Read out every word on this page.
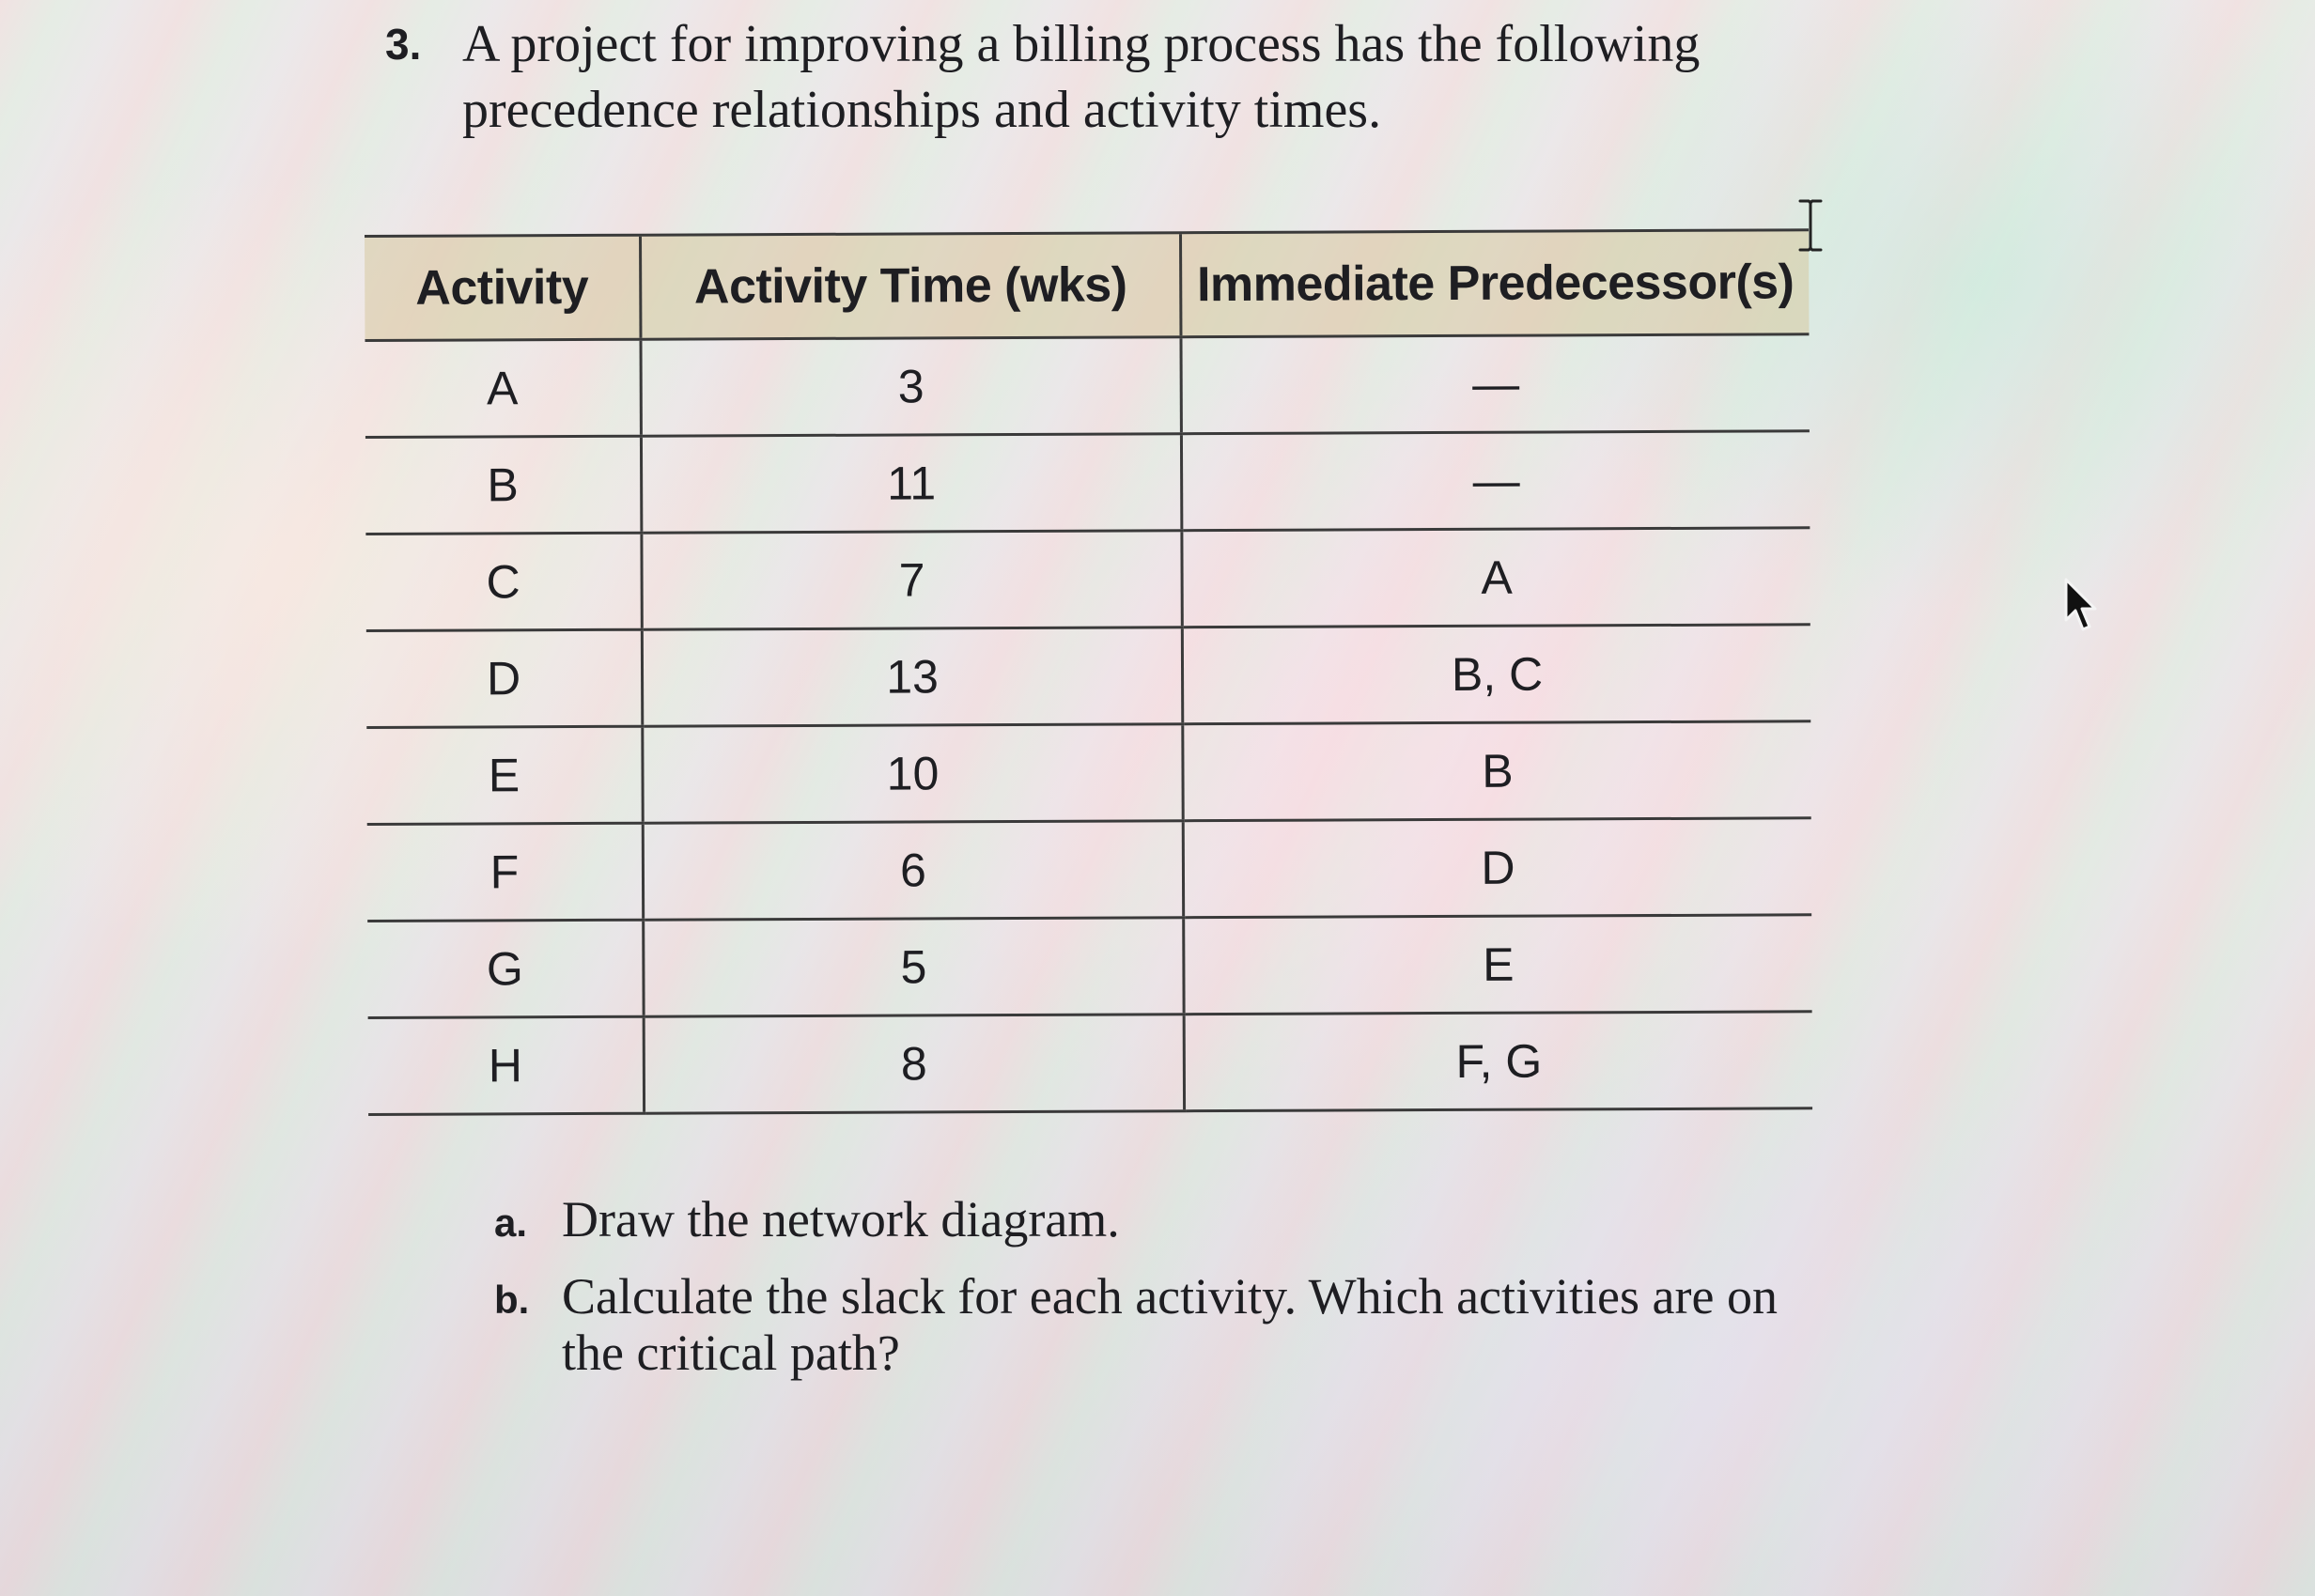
3. A project for improving a billing process has the following precedence relationships and activity times.
Activity	Activity Time (wks)	Immediate Predecessor(s)
A	3	—
B	11	—
C	7	A
D	13	B, C
E	10	B
F	6	D
G	5	E
H	8	F, G
a. Draw the network diagram.
b. Calculate the slack for each activity. Which activities are on the critical path?
